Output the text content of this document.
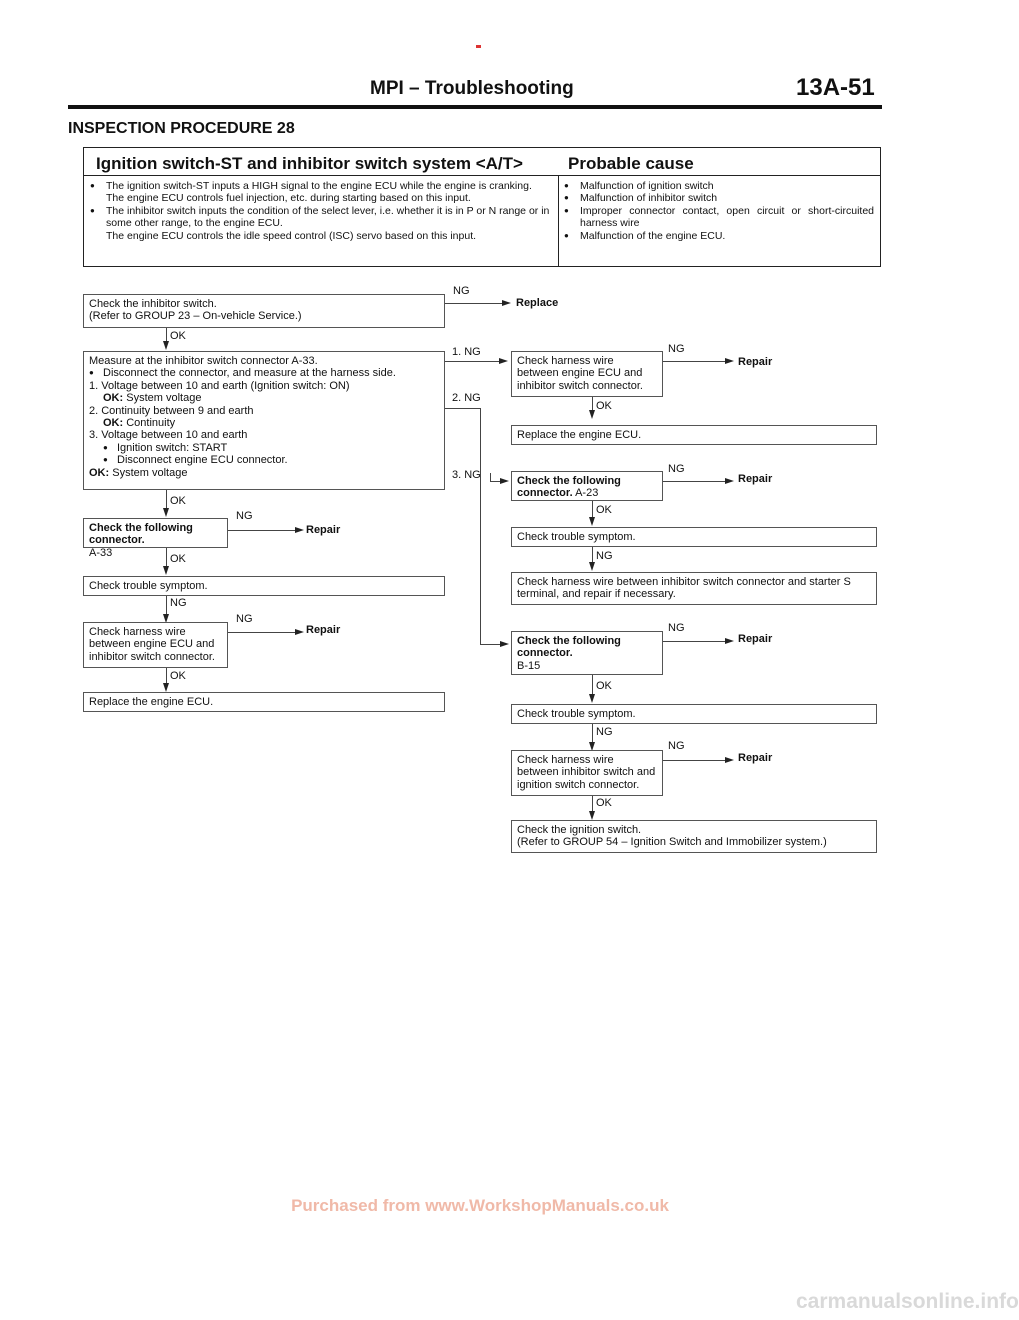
MPI – Troubleshooting	13A-51
INSPECTION PROCEDURE 28
Ignition switch-ST and inhibitor switch system <A/T>	Probable cause
● The ignition switch-ST inputs a HIGH signal to the engine ECU while the engine is cranking.
The engine ECU controls fuel injection, etc. during starting based on this input.
● The inhibitor switch inputs the condition of the select lever, i.e. whether it is in P or N range or in some other range, to the engine ECU.
The engine ECU controls the idle speed control (ISC) servo based on this input.
● Malfunction of ignition switch
● Malfunction of inhibitor switch
● Improper connector contact, open circuit or short-circuited harness wire
● Malfunction of the engine ECU.
Check the inhibitor switch.
(Refer to GROUP 23 – On-vehicle Service.)
NG
Replace
OK
Measure at the inhibitor switch connector A-33.
● Disconnect the connector, and measure at the harness side.
1. Voltage between 10 and earth (Ignition switch: ON)
OK: System voltage
2. Continuity between 9 and earth
OK: Continuity
3. Voltage between 10 and earth
● Ignition switch: START
● Disconnect engine ECU connector.
OK: System voltage
1. NG
2. NG
3. NG
OK
Check the following connector.
A-33
NG
Repair
OK
Check trouble symptom.
NG
Check harness wire between engine ECU and inhibitor switch connector.
NG
Repair
OK
Replace the engine ECU.
Check harness wire between engine ECU and inhibitor switch connector.
NG
Repair
OK
Replace the engine ECU.
Check the following connector. A-23
NG
Repair
OK
Check trouble symptom.
NG
Check harness wire between inhibitor switch connector and starter S terminal, and repair if necessary.
Check the following connector.
B-15
NG
Repair
OK
Check trouble symptom.
NG
Check harness wire between inhibitor switch and ignition switch connector.
NG
Repair
OK
Check the ignition switch.
(Refer to GROUP 54 – Ignition Switch and Immobilizer system.)
Purchased from www.WorkshopManuals.co.uk
carmanualsonline.info
